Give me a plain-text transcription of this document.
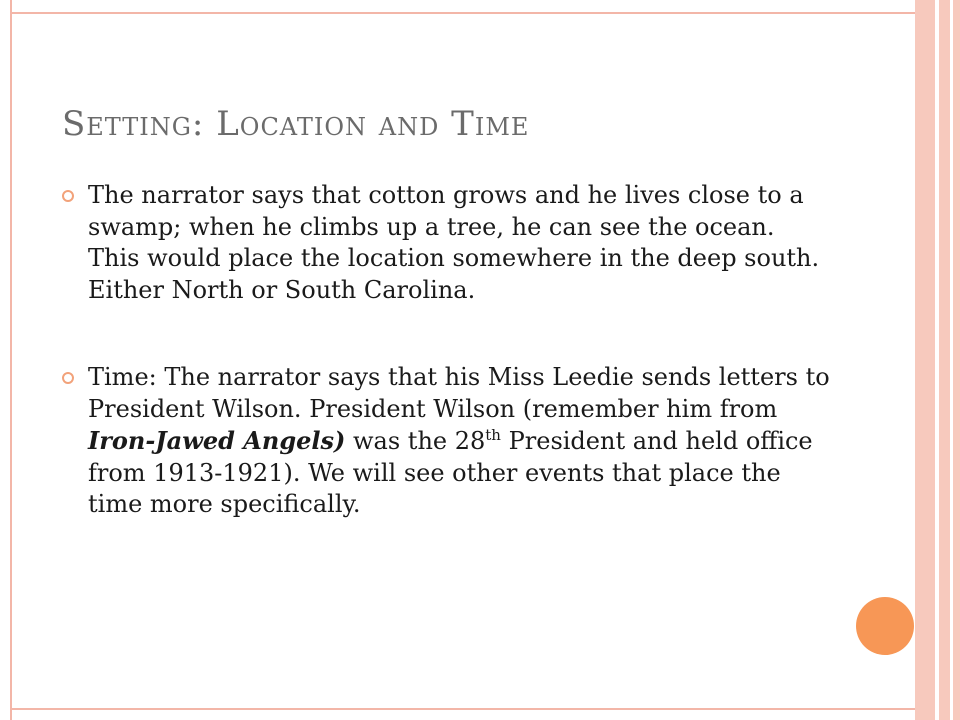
Setting: Location and Time
The narrator says that cotton grows and he lives close to a swamp; when he climbs up a tree, he can see the ocean. This would place the location somewhere in the deep south. Either North or South Carolina.
Time: The narrator says that his Miss Leedie sends letters to President Wilson. President Wilson (remember him from Iron-Jawed Angels) was the 28th President and held office from 1913-1921). We will see other events that place the time more specifically.
